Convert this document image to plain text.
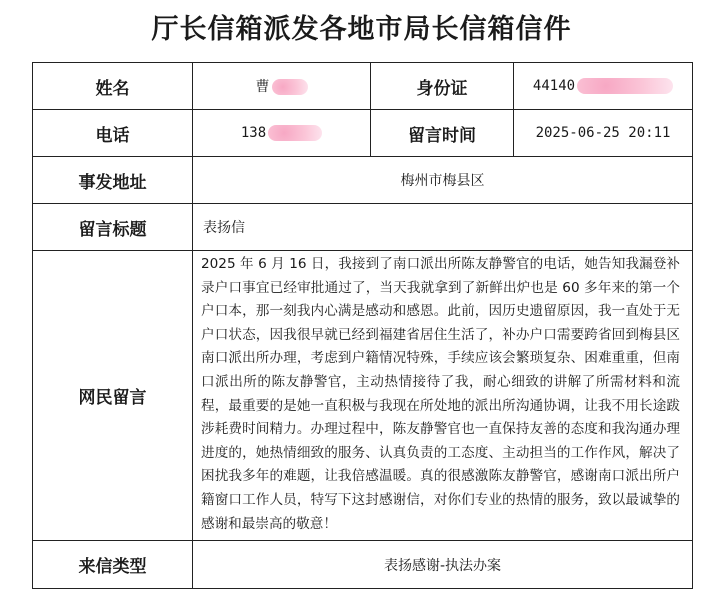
厅长信箱派发各地市局长信箱信件
姓名	曹	身份证	44140
电话	138	留言时间	2025-06-25 20:11
事发地址	梅州市梅县区		
留言标题	表扬信		
网民留言	2025 年 6 月 16 日，我接到了南口派出所陈友静警官的电话，她告知我漏登补录户口事宜已经审批通过了，当天我就拿到了新鲜出炉也是 60 多年来的第一个户口本，那一刻我内心满是感动和感恩。此前，因历史遗留原因，我一直处于无户口状态，因我很早就已经到福建省居住生活了，补办户口需要跨省回到梅县区南口派出所办理，考虑到户籍情况特殊，手续应该会繁琐复杂、困难重重，但南口派出所的陈友静警官，主动热情接待了我，耐心细致的讲解了所需材料和流程，最重要的是她一直积极与我现在所处地的派出所沟通协调，让我不用长途跋涉耗费时间精力。办理过程中，陈友静警官也一直保持友善的态度和我沟通办理进度的，她热情细致的服务、认真负责的工态度、主动担当的工作作风，解决了困扰我多年的难题，让我倍感温暖。真的很感激陈友静警官，感谢南口派出所户籍窗口工作人员，特写下这封感谢信，对你们专业的热情的服务，致以最诚挚的感谢和最崇高的敬意！		

来信类型	表扬感谢-执法办案		
